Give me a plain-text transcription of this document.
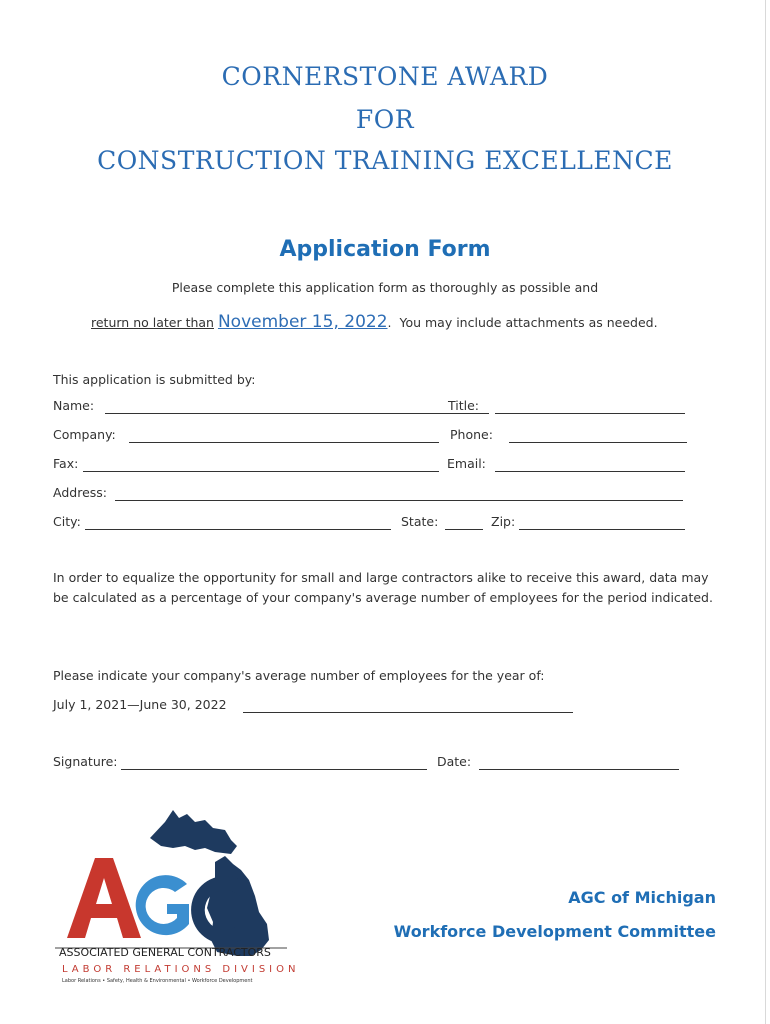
CORNERSTONE AWARD
FOR
CONSTRUCTION TRAINING EXCELLENCE
Application Form
Please complete this application form as thoroughly as possible and
return no later than November 15, 2022. You may include attachments as needed.
This application is submitted by:
Name:	Title:
Company:	Phone:
Fax:	Email:
Address:
City:	State:	Zip:
In order to equalize the opportunity for small and large contractors alike to receive this award, data may be calculated as a percentage of your company's average number of employees for the period indicated.
Please indicate your company's average number of employees for the year of:
July 1, 2021—June 30, 2022
Signature:	Date:
ASSOCIATED GENERAL CONTRACTORS
LABOR RELATIONS DIVISION
Labor Relations • Safety, Health & Environmental • Workforce Development
AGC of Michigan
Workforce Development Committee
